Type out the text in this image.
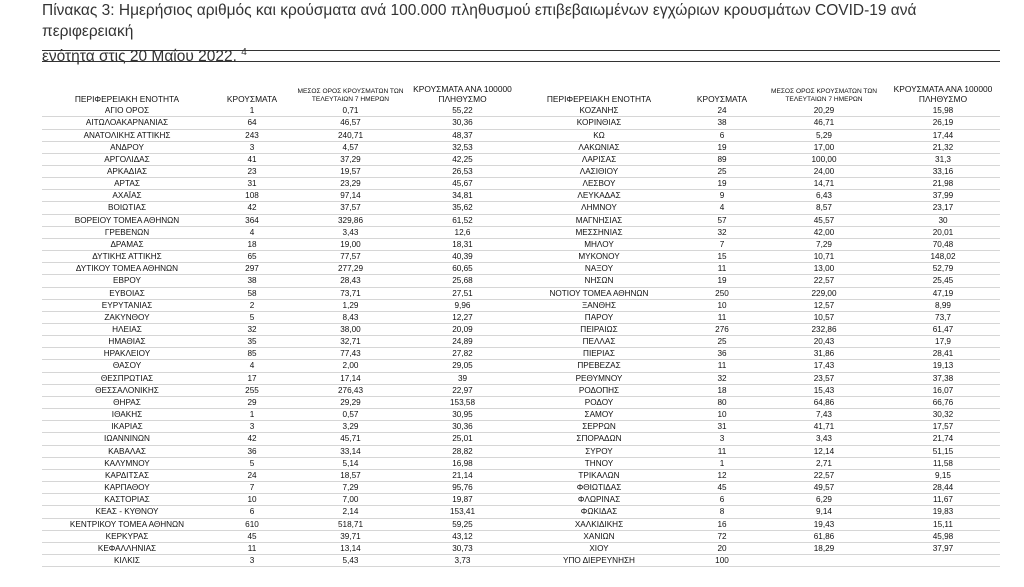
Πίνακας 3: Ημερήσιος αριθμός και κρούσματα ανά 100.000 πληθυσμού επιβεβαιωμένων εγχώριων κρουσμάτων COVID-19 ανά περιφερειακή
ενότητα στις 20 Μαΐου 2022. $^4$
ΠΕΡΙΦΕΡΕΙΑΚΗ ΕΝΟΤΗΤΑ	ΚΡΟΥΣΜΑΤΑ	ΜΕΣΟΣ ΟΡΟΣ ΚΡΟΥΣΜΑΤΩΝ ΤΩΝ ΤΕΛΕΥΤΑΙΩΝ 7 ΗΜΕΡΩΝ	ΚΡΟΥΣΜΑΤΑ ΑΝΑ 100000 ΠΛΗΘΥΣΜΟ	ΠΕΡΙΦΕΡΕΙΑΚΗ ΕΝΟΤΗΤΑ	ΚΡΟΥΣΜΑΤΑ	ΜΕΣΟΣ ΟΡΟΣ ΚΡΟΥΣΜΑΤΩΝ ΤΩΝ ΤΕΛΕΥΤΑΙΩΝ 7 ΗΜΕΡΩΝ	ΚΡΟΥΣΜΑΤΑ ΑΝΑ 100000 ΠΛΗΘΥΣΜΟ
ΑΓΙΟ ΟΡΟΣ	1	0,71	55,22	ΚΟΖΑΝΗΣ	24	20,29	15,98
ΑΙΤΩΛΟΑΚΑΡΝΑΝΙΑΣ	64	46,57	30,36	ΚΟΡΙΝΘΙΑΣ	38	46,71	26,19
ΑΝΑΤΟΛΙΚΗΣ ΑΤΤΙΚΗΣ	243	240,71	48,37	ΚΩ	6	5,29	17,44
ΑΝΔΡΟΥ	3	4,57	32,53	ΛΑΚΩΝΙΑΣ	19	17,00	21,32
ΑΡΓΟΛΙΔΑΣ	41	37,29	42,25	ΛΑΡΙΣΑΣ	89	100,00	31,3
ΑΡΚΑΔΙΑΣ	23	19,57	26,53	ΛΑΣΙΘΙΟΥ	25	24,00	33,16
ΑΡΤΑΣ	31	23,29	45,67	ΛΕΣΒΟΥ	19	14,71	21,98
ΑΧΑΪΑΣ	108	97,14	34,81	ΛΕΥΚΑΔΑΣ	9	6,43	37,99
ΒΟΙΩΤΙΑΣ	42	37,57	35,62	ΛΗΜΝΟΥ	4	8,57	23,17
ΒΟΡΕΙΟΥ ΤΟΜΕΑ ΑΘΗΝΩΝ	364	329,86	61,52	ΜΑΓΝΗΣΙΑΣ	57	45,57	30
ΓΡΕΒΕΝΩΝ	4	3,43	12,6	ΜΕΣΣΗΝΙΑΣ	32	42,00	20,01
ΔΡΑΜΑΣ	18	19,00	18,31	ΜΗΛΟΥ	7	7,29	70,48
ΔΥΤΙΚΗΣ ΑΤΤΙΚΗΣ	65	77,57	40,39	ΜΥΚΟΝΟΥ	15	10,71	148,02
ΔΥΤΙΚΟΥ ΤΟΜΕΑ ΑΘΗΝΩΝ	297	277,29	60,65	ΝΑΞΟΥ	11	13,00	52,79
ΕΒΡΟΥ	38	28,43	25,68	ΝΗΣΩΝ	19	22,57	25,45
ΕΥΒΟΙΑΣ	58	73,71	27,51	ΝΟΤΙΟΥ ΤΟΜΕΑ ΑΘΗΝΩΝ	250	229,00	47,19
ΕΥΡΥΤΑΝΙΑΣ	2	1,29	9,96	ΞΑΝΘΗΣ	10	12,57	8,99
ΖΑΚΥΝΘΟΥ	5	8,43	12,27	ΠΑΡΟΥ	11	10,57	73,7
ΗΛΕΙΑΣ	32	38,00	20,09	ΠΕΙΡΑΙΩΣ	276	232,86	61,47
ΗΜΑΘΙΑΣ	35	32,71	24,89	ΠΕΛΛΑΣ	25	20,43	17,9
ΗΡΑΚΛΕΙΟΥ	85	77,43	27,82	ΠΙΕΡΙΑΣ	36	31,86	28,41
ΘΑΣΟΥ	4	2,00	29,05	ΠΡΕΒΕΖΑΣ	11	17,43	19,13
ΘΕΣΠΡΩΤΙΑΣ	17	17,14	39	ΡΕΘΥΜΝΟΥ	32	23,57	37,38
ΘΕΣΣΑΛΟΝΙΚΗΣ	255	276,43	22,97	ΡΟΔΟΠΗΣ	18	15,43	16,07
ΘΗΡΑΣ	29	29,29	153,58	ΡΟΔΟΥ	80	64,86	66,76
ΙΘΑΚΗΣ	1	0,57	30,95	ΣΑΜΟΥ	10	7,43	30,32
ΙΚΑΡΙΑΣ	3	3,29	30,36	ΣΕΡΡΩΝ	31	41,71	17,57
ΙΩΑΝΝΙΝΩΝ	42	45,71	25,01	ΣΠΟΡΑΔΩΝ	3	3,43	21,74
ΚΑΒΑΛΑΣ	36	33,14	28,82	ΣΥΡΟΥ	11	12,14	51,15
ΚΑΛΥΜΝΟΥ	5	5,14	16,98	ΤΗΝΟΥ	1	2,71	11,58
ΚΑΡΔΙΤΣΑΣ	24	18,57	21,14	ΤΡΙΚΑΛΩΝ	12	22,57	9,15
ΚΑΡΠΑΘΟΥ	7	7,29	95,76	ΦΘΙΩΤΙΔΑΣ	45	49,57	28,44
ΚΑΣΤΟΡΙΑΣ	10	7,00	19,87	ΦΛΩΡΙΝΑΣ	6	6,29	11,67
ΚΕΑΣ - ΚΥΘΝΟΥ	6	2,14	153,41	ΦΩΚΙΔΑΣ	8	9,14	19,83
ΚΕΝΤΡΙΚΟΥ ΤΟΜΕΑ ΑΘΗΝΩΝ	610	518,71	59,25	ΧΑΛΚΙΔΙΚΗΣ	16	19,43	15,11
ΚΕΡΚΥΡΑΣ	45	39,71	43,12	ΧΑΝΙΩΝ	72	61,86	45,98
ΚΕΦΑΛΛΗΝΙΑΣ	11	13,14	30,73	ΧΙΟΥ	20	18,29	37,97
ΚΙΛΚΙΣ	3	5,43	3,73	ΥΠΟ ΔΙΕΡΕΥΝΗΣΗ	100		
